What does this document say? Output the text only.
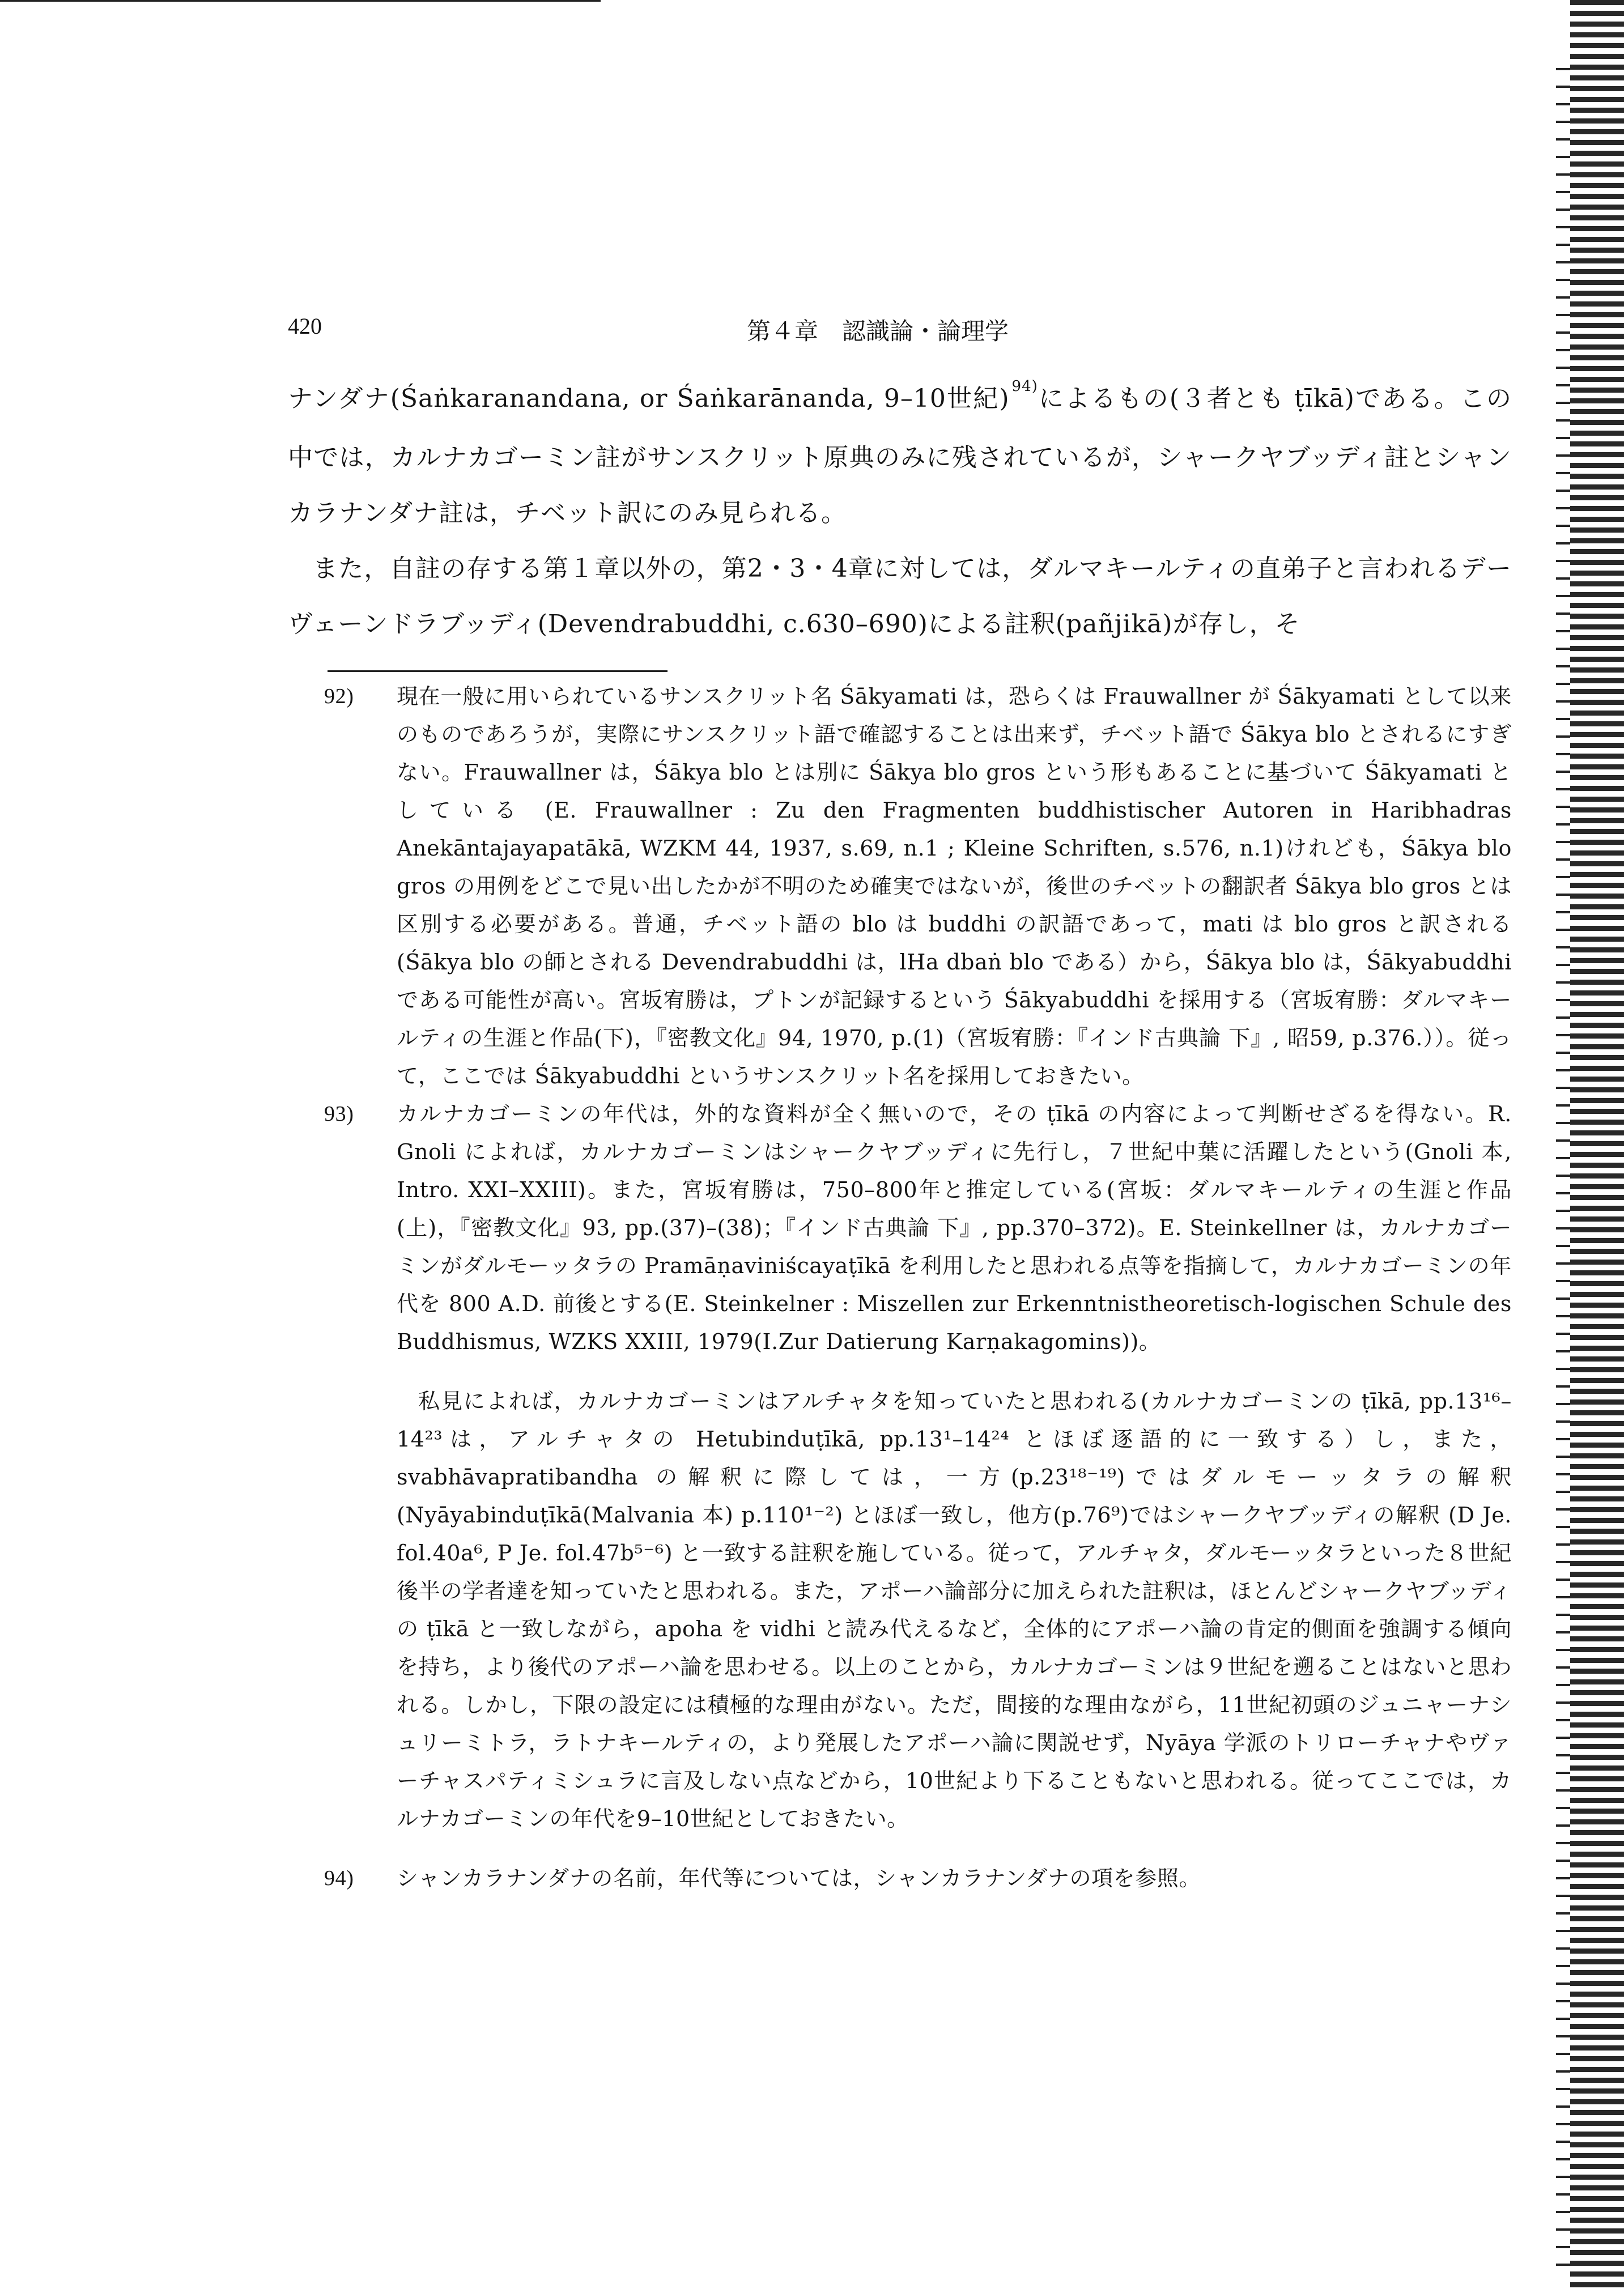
420	第４章　認識論・論理学

ナンダナ(Śaṅkaranandana, or Śaṅkarānanda, 9–10世紀) $^{94)}$によるもの(３者とも ṭīkā)である。この中では，カルナカゴーミン註がサンスクリット原典のみに残されているが，シャークヤブッディ註とシャンカラナンダナ註は，チベット訳にのみ見られる。

また，自註の存する第１章以外の，第2・3・4章に対しては，ダルマキールティの直弟子と言われるデーヴェーンドラブッディ(Devendrabuddhi, c.630–690)による註釈(pañjikā)が存し，そ

92)	現在一般に用いられているサンスクリット名 Śākyamati は，恐らくは Frauwallner が Śākyamati として以来のものであろうが，実際にサンスクリット語で確認することは出来ず，チベット語で Śākya blo とされるにすぎない。Frauwallner は，Śākya blo とは別に Śākya blo gros という形もあることに基づいて Śākyamati としている (E. Frauwallner : Zu den Fragmenten buddhistischer Autoren in Haribhadras Anekāntajayapatākā, WZKM 44, 1937, s.69, n.1 ; Kleine Schriften, s.576, n.1)けれども，Śākya blo gros の用例をどこで見い出したかが不明のため確実ではないが，後世のチベットの翻訳者 Śākya blo gros とは区別する必要がある。普通，チベット語の blo は buddhi の訳語であって，mati は blo gros と訳される(Śākya blo の師とされる Devendrabuddhi は，lHa dbaṅ blo である）から，Śākya blo は，Śākyabuddhi である可能性が高い。宮坂宥勝は，プトンが記録するという Śākyabuddhi を採用する（宮坂宥勝：ダルマキールティの生涯と作品(下)，『密教文化』94, 1970, p.(1)（宮坂宥勝：『インド古典論 下』, 昭59, p.376.））。従って，ここでは Śākyabuddhi というサンスクリット名を採用しておきたい。

93)	カルナカゴーミンの年代は，外的な資料が全く無いので，その ṭīkā の内容によって判断せざるを得ない。R. Gnoli によれば，カルナカゴーミンはシャークヤブッディに先行し，７世紀中葉に活躍したという(Gnoli 本, Intro. XXI–XXIII)。また，宮坂宥勝は，750–800年と推定している(宮坂：ダルマキールティの生涯と作品(上)，『密教文化』93, pp.(37)–(38)；『インド古典論 下』, pp.370–372)。E. Steinkellner は，カルナカゴーミンがダルモーッタラの Pramāṇaviniścayaṭīkā を利用したと思われる点等を指摘して，カルナカゴーミンの年代を 800 A.D. 前後とする(E. Steinkelner : Miszellen zur Erkenntnistheoretisch-logischen Schule des Buddhismus, WZKS XXIII, 1979(I.Zur Datierung Karṇakagomins))。

私見によれば，カルナカゴーミンはアルチャタを知っていたと思われる(カルナカゴーミンの ṭīkā, pp.13¹⁶–14²³は，アルチャタの Hetubinduṭīkā, pp.13¹–14²⁴ とほぼ逐語的に一致する）し，また，svabhāvapratibandha の解釈に際しては，一方(p.23¹⁸⁻¹⁹)ではダルモーッタラの解釈 (Nyāyabinduṭīkā(Malvania 本) p.110¹⁻²) とほぼ一致し，他方(p.76⁹)ではシャークヤブッディの解釈 (D Je. fol.40a⁶, P Je. fol.47b⁵⁻⁶) と一致する註釈を施している。従って，アルチャタ，ダルモーッタラといった８世紀後半の学者達を知っていたと思われる。また，アポーハ論部分に加えられた註釈は，ほとんどシャークヤブッディの ṭīkā と一致しながら，apoha を vidhi と読み代えるなど，全体的にアポーハ論の肯定的側面を強調する傾向を持ち，より後代のアポーハ論を思わせる。以上のことから，カルナカゴーミンは９世紀を遡ることはないと思われる。しかし，下限の設定には積極的な理由がない。ただ，間接的な理由ながら，11世紀初頭のジュニャーナシュリーミトラ，ラトナキールティの，より発展したアポーハ論に関説せず，Nyāya 学派のトリローチャナやヴァーチャスパティミシュラに言及しない点などから，10世紀より下ることもないと思われる。従ってここでは，カルナカゴーミンの年代を9–10世紀としておきたい。

94)	シャンカラナンダナの名前，年代等については，シャンカラナンダナの項を参照。
